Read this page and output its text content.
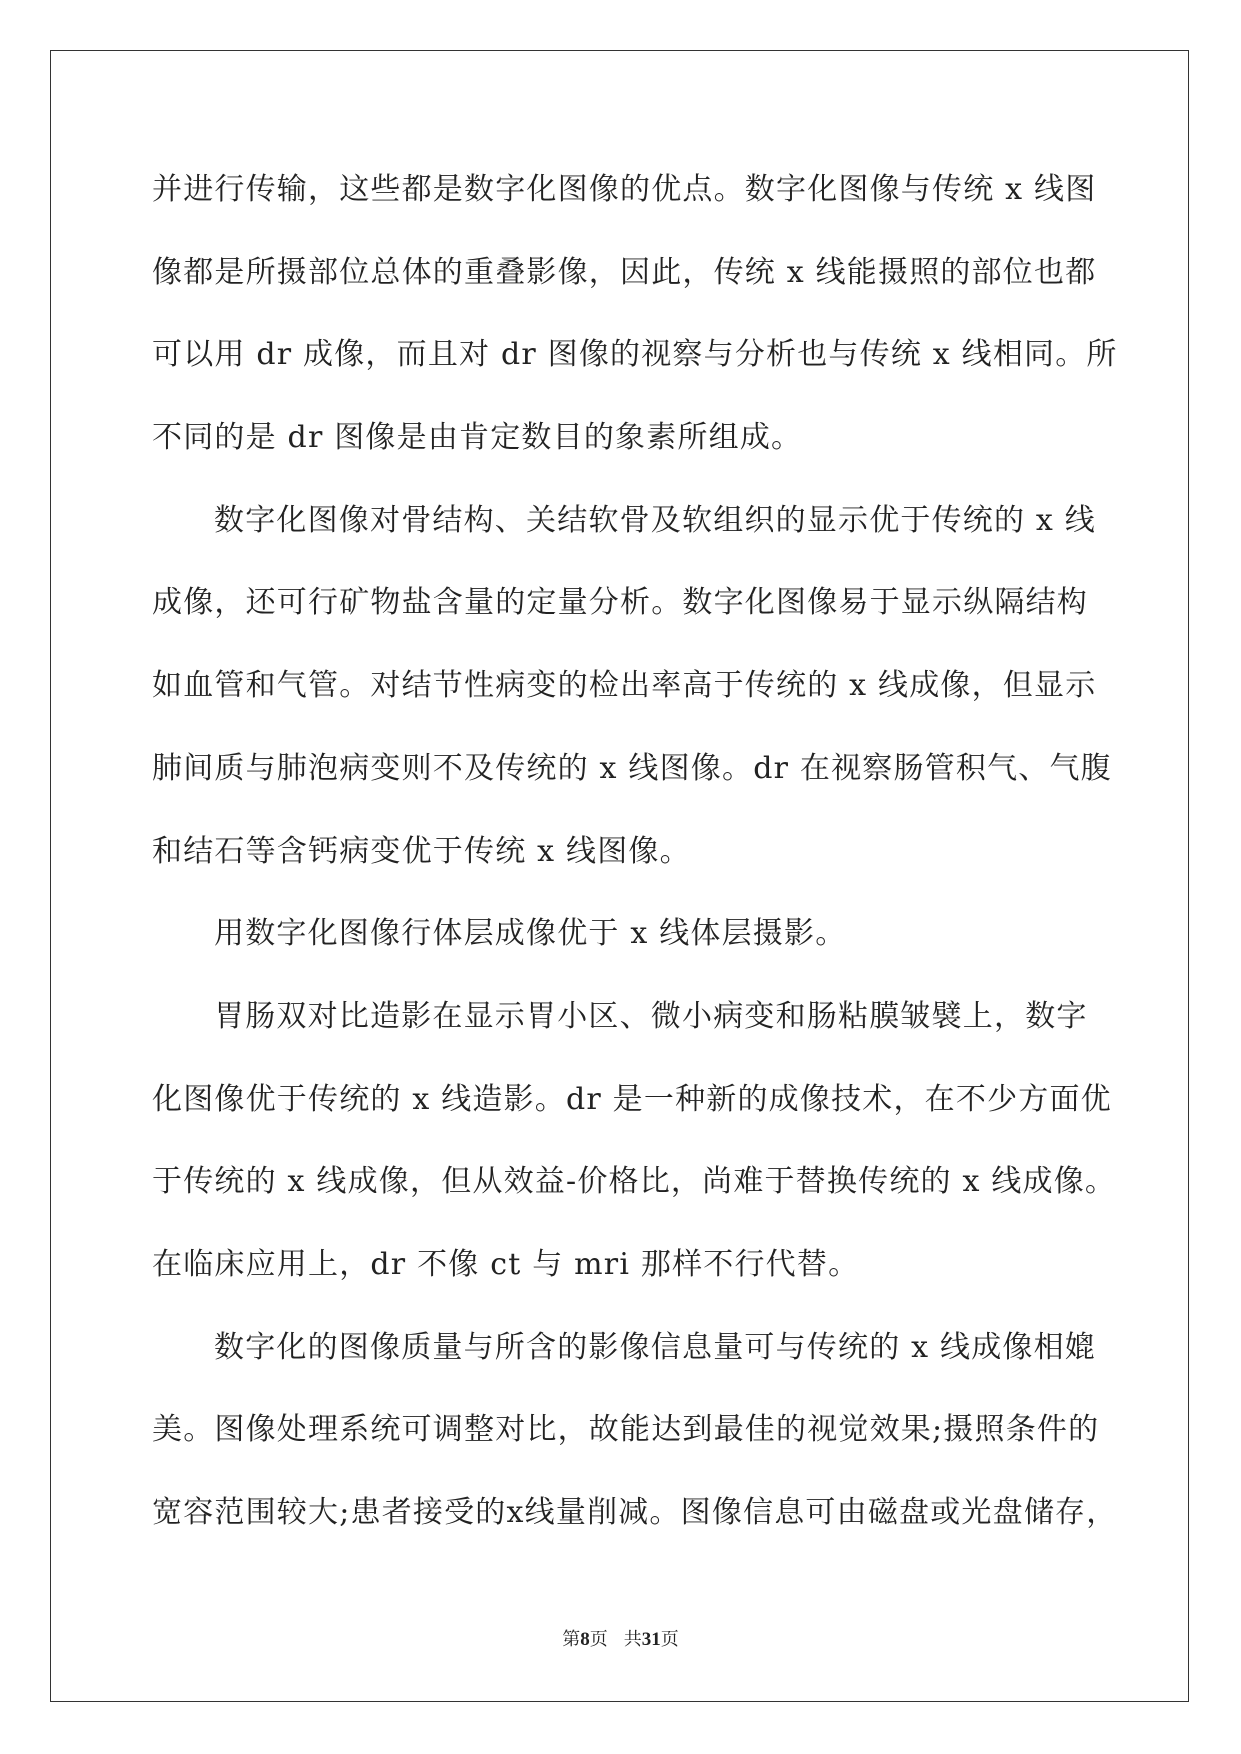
并进行传输，这些都是数字化图像的优点。数字化图像与传统 x 线图
像都是所摄部位总体的重叠影像，因此，传统 x 线能摄照的部位也都
可以用 dr 成像，而且对 dr 图像的视察与分析也与传统 x 线相同。所
不同的是 dr 图像是由肯定数目的象素所组成。
数字化图像对骨结构、关结软骨及软组织的显示优于传统的 x 线
成像，还可行矿物盐含量的定量分析。数字化图像易于显示纵隔结构
如血管和气管。对结节性病变的检出率高于传统的 x 线成像，但显示
肺间质与肺泡病变则不及传统的 x 线图像。dr 在视察肠管积气、气腹
和结石等含钙病变优于传统 x 线图像。
用数字化图像行体层成像优于 x 线体层摄影。
胃肠双对比造影在显示胃小区、微小病变和肠粘膜皱襞上，数字
化图像优于传统的 x 线造影。dr 是一种新的成像技术，在不少方面优
于传统的 x 线成像，但从效益-价格比，尚难于替换传统的 x 线成像。
在临床应用上，dr 不像 ct 与 mri 那样不行代替。
数字化的图像质量与所含的影像信息量可与传统的 x 线成像相媲
美。图像处理系统可调整对比，故能达到最佳的视觉效果;摄照条件的
宽容范围较大;患者接受的x线量削减。图像信息可由磁盘或光盘储存，
第8页 共31页
